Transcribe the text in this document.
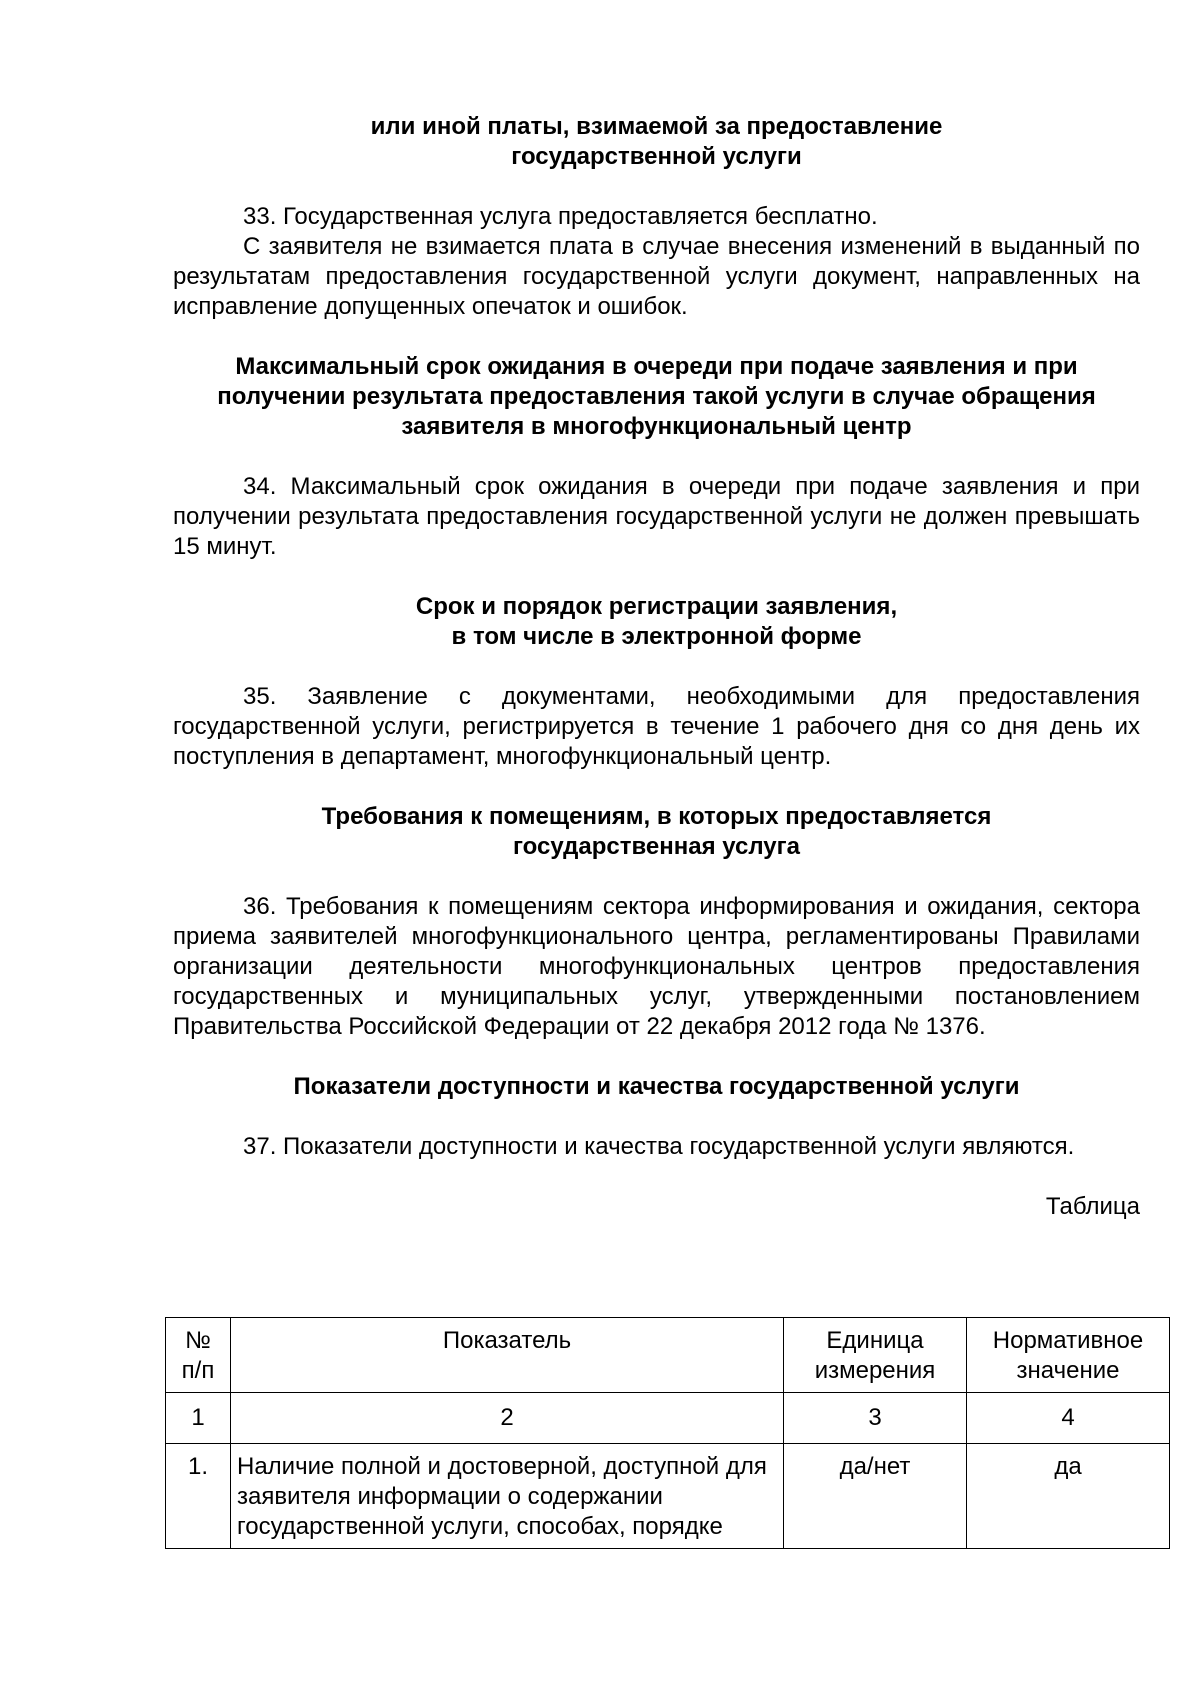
или иной платы, взимаемой за предоставление
государственной услуги

33. Государственная услуга предоставляется бесплатно.

С заявителя не взимается плата в случае внесения изменений в выданный по результатам предоставления государственной услуги документ, направленных на исправление допущенных опечаток и ошибок.

Максимальный срок ожидания в очереди при подаче заявления и при
получении результата предоставления такой услуги в случае обращения
заявителя в многофункциональный центр

34. Максимальный срок ожидания в очереди при подаче заявления и при получении результата предоставления государственной услуги не должен превышать 15 минут.

Срок и порядок регистрации заявления,
в том числе в электронной форме

35. Заявление с документами, необходимыми для предоставления государственной услуги, регистрируется в течение 1 рабочего дня со дня день их поступления в департамент, многофункциональный центр.

Требования к помещениям, в которых предоставляется
государственная услуга

36. Требования к помещениям сектора информирования и ожидания, сектора приема заявителей многофункционального центра, регламентированы Правилами организации деятельности многофункциональных центров предоставления государственных и муниципальных услуг, утвержденными постановлением Правительства Российской Федерации от 22 декабря 2012 года № 1376.

Показатели доступности и качества государственной услуги

37. Показатели доступности и качества государственной услуги являются.

Таблица

№ п/п	Показатель	Единица измерения	Нормативное значение
1	2	3	4
1.	Наличие полной и достоверной, доступной для заявителя информации о содержании государственной услуги, способах, порядке	да/нет	да
